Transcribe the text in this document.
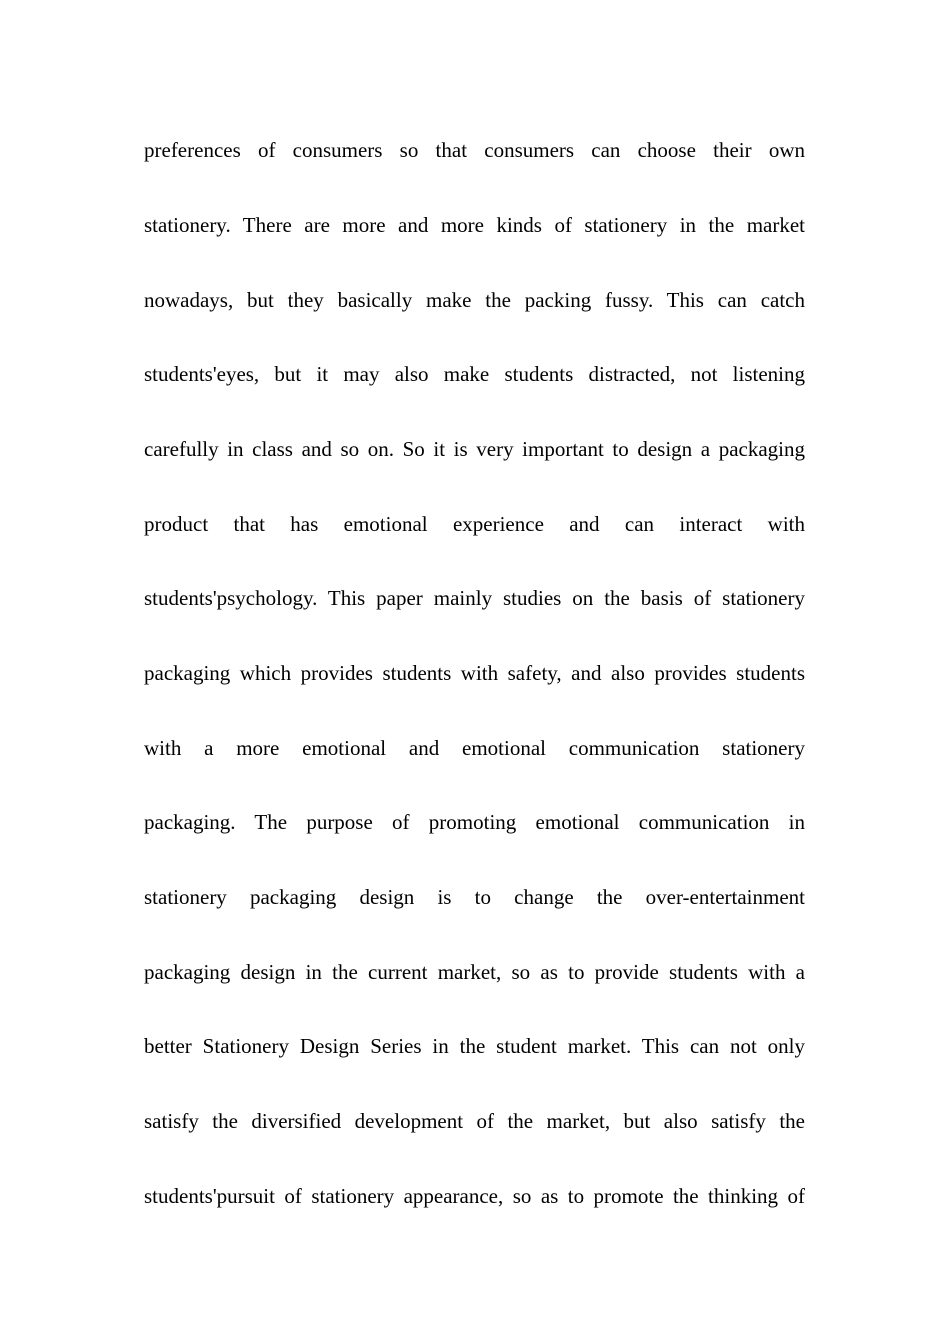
preferences of consumers so that consumers can choose their own
stationery. There are more and more kinds of stationery in the market
nowadays, but they basically make the packing fussy. This can catch
students'eyes, but it may also make students distracted, not listening
carefully in class and so on. So it is very important to design a packaging
product that has emotional experience and can interact with
students'psychology. This paper mainly studies on the basis of stationery
packaging which provides students with safety, and also provides students
with a more emotional and emotional communication stationery
packaging. The purpose of promoting emotional communication in
stationery packaging design is to change the over-entertainment
packaging design in the current market, so as to provide students with a
better Stationery Design Series in the student market. This can not only
satisfy the diversified development of the market, but also satisfy the
students'pursuit of stationery appearance, so as to promote the thinking of
